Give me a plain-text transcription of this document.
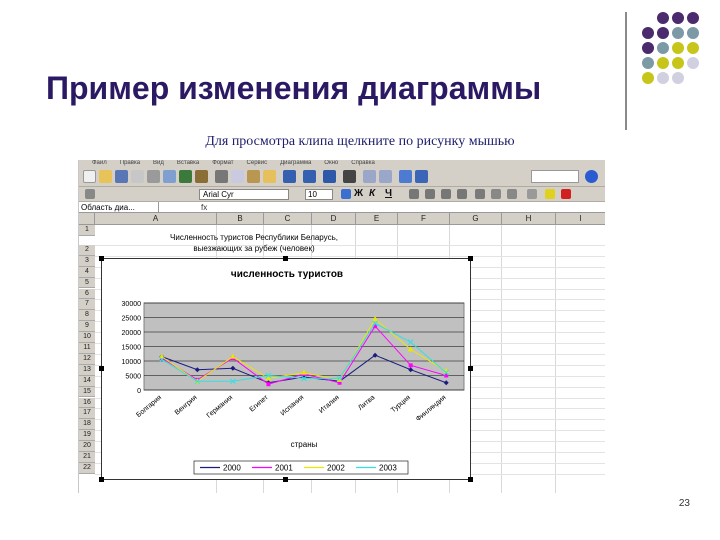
Пример изменения диаграммы
Для просмотра клипа щелкните по рисунку мышью
Файл Правка Вид Вставка Формат Сервис Диаграмма Окно Справка
Arial Cyr	10	Ж К Ч
Область диа...	fx
A	B	C	D	E	F	G	H	I
1
2
3
4
5
6
7
8
9
10
11
12
13
14
15
16
17
18
19
20
21
22
Численность туристов Республики Беларусь,
выезжающих за рубеж (человек)
численность туристов
0
5000
10000
15000
20000
25000
30000
Болгария Венгрия Германия Египет Испания Италия Литва Турция Финляндия
страны
2000	2001	2002	2003
23
